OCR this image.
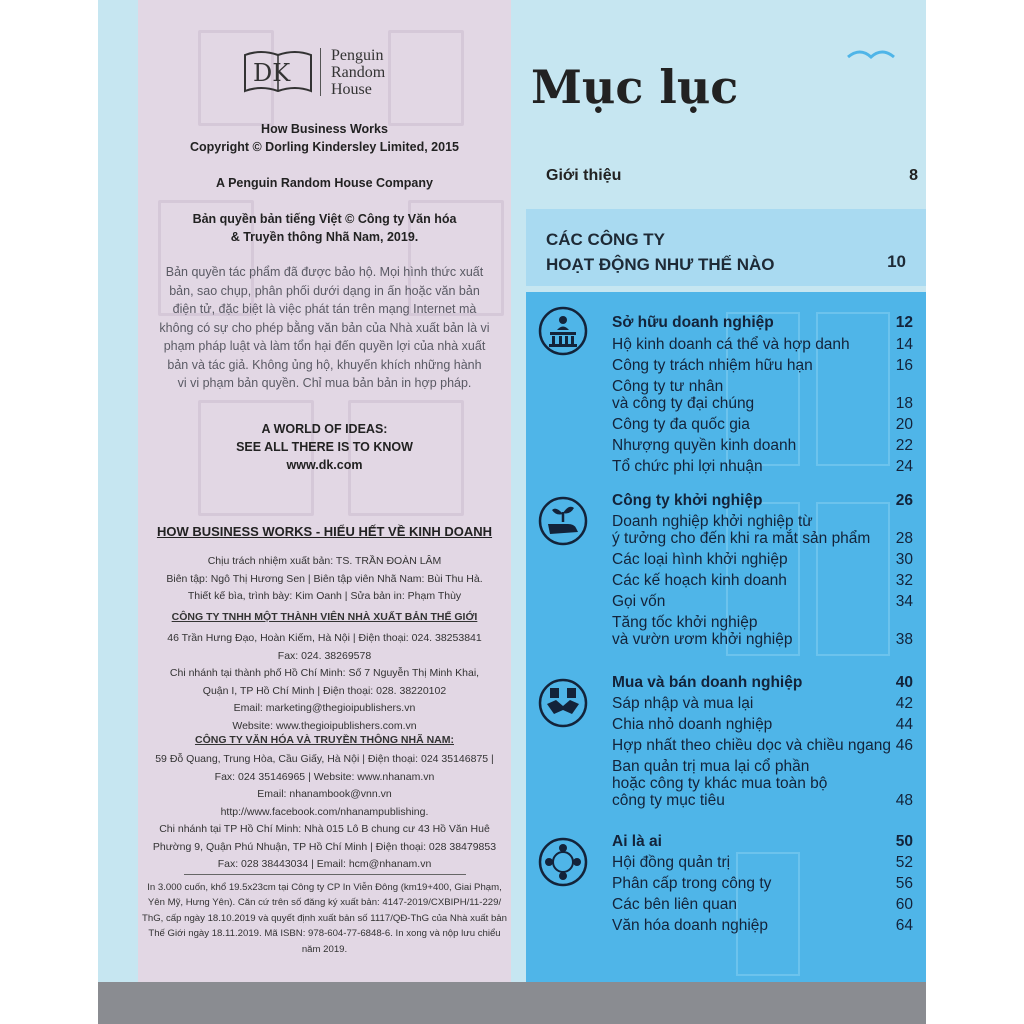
DK
Penguin
Random
House
How Business Works
Copyright © Dorling Kindersley Limited, 2015
A Penguin Random House Company
Bản quyền bản tiếng Việt © Công ty Văn hóa
& Truyền thông Nhã Nam, 2019.
Bản quyền tác phẩm đã được bảo hộ. Mọi hình thức xuất
bản, sao chụp, phân phối dưới dạng in ấn hoặc văn bản
điện tử, đặc biệt là việc phát tán trên mạng Internet mà
không có sự cho phép bằng văn bản của Nhà xuất bản là vi
phạm pháp luật và làm tổn hại đến quyền lợi của nhà xuất
bản và tác giả. Không ủng hộ, khuyến khích những hành
vi vi phạm bản quyền. Chỉ mua bản bản in hợp pháp.
A WORLD OF IDEAS:
SEE ALL THERE IS TO KNOW
www.dk.com
HOW BUSINESS WORKS - HIỂU HẾT VỀ KINH DOANH
Chịu trách nhiệm xuất bản: TS. TRẦN ĐOÀN LÂM
Biên tập: Ngô Thị Hương Sen | Biên tập viên Nhã Nam: Bùi Thu Hà.
Thiết kế bìa, trình bày: Kim Oanh | Sửa bản in: Phạm Thùy
CÔNG TY TNHH MỘT THÀNH VIÊN NHÀ XUẤT BẢN THẾ GIỚI
46 Trần Hưng Đạo, Hoàn Kiếm, Hà Nội | Điện thoại: 024. 38253841
Fax: 024. 38269578
Chi nhánh tại thành phố Hồ Chí Minh: Số 7 Nguyễn Thị Minh Khai,
Quận I, TP Hồ Chí Minh | Điện thoại: 028. 38220102
Email: marketing@thegioipublishers.vn
Website: www.thegioipublishers.com.vn
CÔNG TY VĂN HÓA VÀ TRUYỀN THÔNG NHÃ NAM:
59 Đỗ Quang, Trung Hòa, Cầu Giấy, Hà Nội | Điện thoại: 024 35146875 |
Fax: 024 35146965 | Website: www.nhanam.vn
Email: nhanambook@vnn.vn
http://www.facebook.com/nhanampublishing.
Chi nhánh tại TP Hồ Chí Minh: Nhà 015 Lô B chung cư 43 Hồ Văn Huê
Phường 9, Quận Phú Nhuận, TP Hồ Chí Minh | Điện thoại: 028 38479853
Fax: 028 38443034 | Email: hcm@nhanam.vn
In 3.000 cuốn, khổ 19.5x23cm tại Công ty CP In Viễn Đông (km19+400, Giai Phạm,
Yên Mỹ, Hưng Yên). Căn cứ trên số đăng ký xuất bản: 4147-2019/CXBIPH/11-229/
ThG, cấp ngày 18.10.2019 và quyết định xuất bản số 1117/QĐ-ThG của Nhà xuất bản
Thế Giới ngày 18.11.2019. Mã ISBN: 978-604-77-6848-6. In xong và nộp lưu chiểu
năm 2019.
Mục lục
Giới thiệu	8
CÁC CÔNG TY
HOẠT ĐỘNG NHƯ THẾ NÀO	10
Sở hữu doanh nghiệp	12
Hộ kinh doanh cá thể và hợp danh	14
Công ty trách nhiệm hữu hạn	16
Công ty tư nhân
và công ty đại chúng	18
Công ty đa quốc gia	20
Nhượng quyền kinh doanh	22
Tổ chức phi lợi nhuận	24
Công ty khởi nghiệp	26
Doanh nghiệp khởi nghiệp từ
ý tưởng cho đến khi ra mắt sản phẩm	28
Các loại hình khởi nghiệp	30
Các kế hoạch kinh doanh	32
Gọi vốn	34
Tăng tốc khởi nghiệp
và vườn ươm khởi nghiệp	38
Mua và bán doanh nghiệp	40
Sáp nhập và mua lại	42
Chia nhỏ doanh nghiệp	44
Hợp nhất theo chiều dọc và chiều ngang 46
Ban quản trị mua lại cổ phần
hoặc công ty khác mua toàn bộ
công ty mục tiêu	48
Ai là ai	50
Hội đồng quản trị	52
Phân cấp trong công ty	56
Các bên liên quan	60
Văn hóa doanh nghiệp	64
